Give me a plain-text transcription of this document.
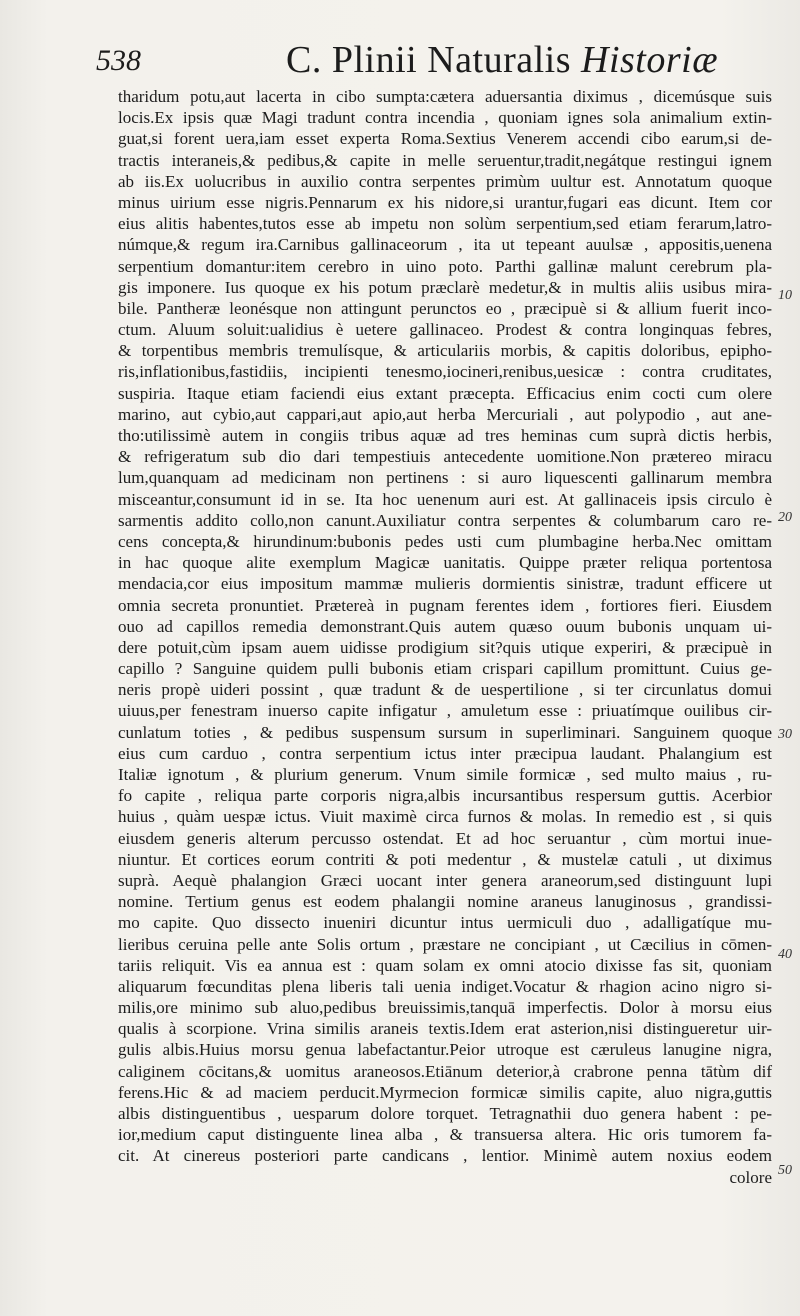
538	C. Plinii Naturalis Historiæ
tharidum potu,aut lacerta in cibo sumpta:cætera aduersantia diximus , dicemúsque suis
locis.Ex ipsis quæ Magi tradunt contra incendia , quoniam ignes sola animalium extin-
guat,si forent uera,iam esset experta Roma.Sextius Venerem accendi cibo earum,si de-
tractis interaneis,& pedibus,& capite in melle seruentur,tradit,negátque restingui ignem
ab iis.Ex uolucribus in auxilio contra serpentes primùm uultur est. Annotatum quoque
minus uirium esse nigris.Pennarum ex his nidore,si urantur,fugari eas dicunt. Item cor
eius alitis habentes,tutos esse ab impetu non solùm serpentium,sed etiam ferarum,latro-
númque,& regum ira.Carnibus gallinaceorum , ita ut tepeant auulsæ , appositis,uenena
serpentium domantur:item cerebro in uino poto. Parthi gallinæ malunt cerebrum pla-
gis imponere. Ius quoque ex his potum præclarè medetur,& in multis aliis usibus mira-
bile. Pantheræ leonésque non attingunt perunctos eo , præcipuè si & allium fuerit inco-
ctum. Aluum soluit:ualidius è uetere gallinaceo. Prodest & contra longinquas febres,
& torpentibus membris tremulísque, & articulariis morbis, & capitis doloribus, epipho-
ris,inflationibus,fastidiis, incipienti tenesmo,iocineri,renibus,uesicæ : contra cruditates,
suspiria. Itaque etiam faciendi eius extant præcepta. Efficacius enim cocti cum olere
marino, aut cybio,aut cappari,aut apio,aut herba Mercuriali , aut polypodio , aut ane-
tho:utilissimè autem in congiis tribus aquæ ad tres heminas cum suprà dictis herbis,
& refrigeratum sub dio dari tempestiuis antecedente uomitione.Non prætereo miracu
lum,quanquam ad medicinam non pertinens : si auro liquescenti gallinarum membra
misceantur,consumunt id in se. Ita hoc uenenum auri est. At gallinaceis ipsis circulo è
sarmentis addito collo,non canunt.Auxiliatur contra serpentes & columbarum caro re-
cens concepta,& hirundinum:bubonis pedes usti cum plumbagine herba.Nec omittam
in hac quoque alite exemplum Magicæ uanitatis. Quippe præter reliqua portentosa
mendacia,cor eius impositum mammæ mulieris dormientis sinistræ, tradunt efficere ut
omnia secreta pronuntiet. Prætereà in pugnam ferentes idem , fortiores fieri. Eiusdem
ouo ad capillos remedia demonstrant.Quis autem quæso ouum bubonis unquam ui-
dere potuit,cùm ipsam auem uidisse prodigium sit?quis utique experiri, & præcipuè in
capillo ? Sanguine quidem pulli bubonis etiam crispari capillum promittunt. Cuius ge-
neris propè uideri possint , quæ tradunt & de uespertilione , si ter circunlatus domui
uiuus,per fenestram inuerso capite infigatur , amuletum esse : priuatímque ouilibus cir-
cunlatum toties , & pedibus suspensum sursum in superliminari. Sanguinem quoque
eius cum carduo , contra serpentium ictus inter præcipua laudant. Phalangium est
Italiæ ignotum , & plurium generum. Vnum simile formicæ , sed multo maius , ru-
fo capite , reliqua parte corporis nigra,albis incursantibus respersum guttis. Acerbior
huius , quàm uespæ ictus. Viuit maximè circa furnos & molas. In remedio est , si quis
eiusdem generis alterum percusso ostendat. Et ad hoc seruantur , cùm mortui inue-
niuntur. Et cortices eorum contriti & poti medentur , & mustelæ catuli , ut diximus
suprà. Aequè phalangion Græci uocant inter genera araneorum,sed distinguunt lupi
nomine. Tertium genus est eodem phalangii nomine araneus lanuginosus , grandissi-
mo capite. Quo dissecto inueniri dicuntur intus uermiculi duo , adalligatíque mu-
lieribus ceruina pelle ante Solis ortum , præstare ne concipiant , ut Cæcilius in cōmen-
tariis reliquit. Vis ea annua est : quam solam ex omni atocio dixisse fas sit, quoniam
aliquarum fœcunditas plena liberis tali uenia indiget.Vocatur & rhagion acino nigro si-
milis,ore minimo sub aluo,pedibus breuissimis,tanquā imperfectis. Dolor à morsu eius
qualis à scorpione. Vrina similis araneis textis.Idem erat asterion,nisi distingueretur uir-
gulis albis.Huius morsu genua labefactantur.Peior utroque est cæruleus lanugine nigra,
caliginem cōcitans,& uomitus araneosos.Etiānum deterior,à crabrone penna tātùm dif
ferens.Hic & ad maciem perducit.Myrmecion formicæ similis capite, aluo nigra,guttis
albis distinguentibus , uesparum dolore torquet. Tetragnathii duo genera habent : pe-
ior,medium caput distinguente linea alba , & transuersa altera. Hic oris tumorem fa-
cit. At cinereus posteriori parte candicans , lentior. Minimè autem noxius eodem
colore
10
20
30
40
50
